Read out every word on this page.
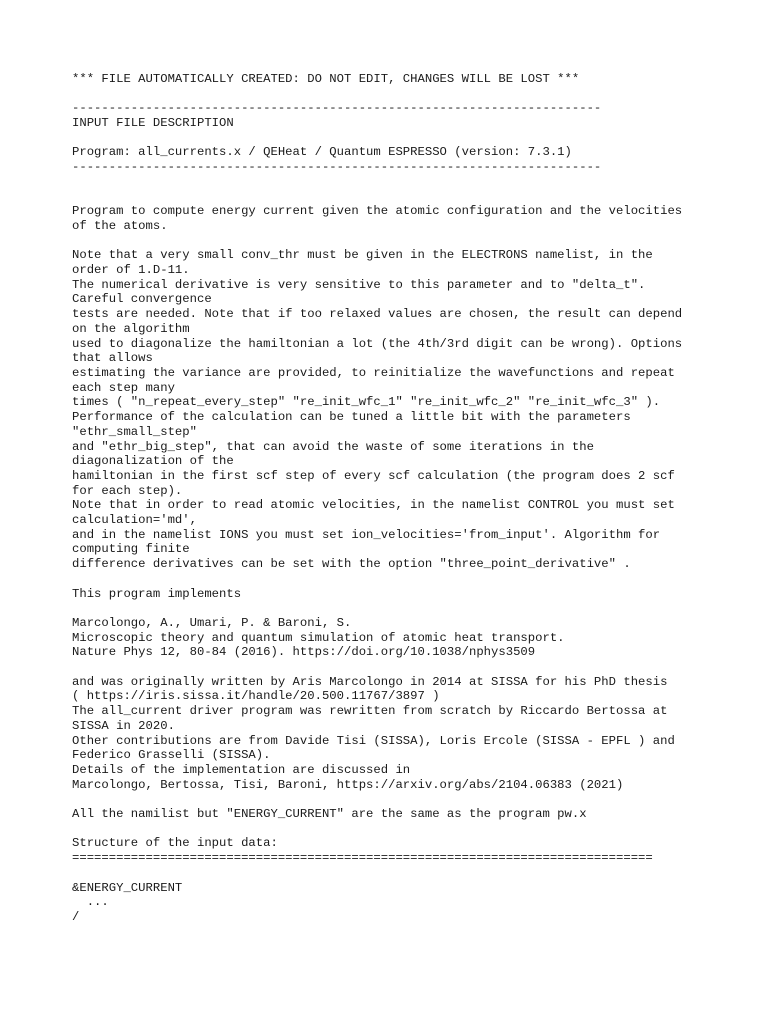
*** FILE AUTOMATICALLY CREATED: DO NOT EDIT, CHANGES WILL BE LOST ***
------------------------------------------------------------------------
INPUT FILE DESCRIPTION
Program: all_currents.x / QEHeat / Quantum ESPRESSO (version: 7.3.1)
------------------------------------------------------------------------
Program to compute energy current given the atomic configuration and the velocities
of the atoms.
Note that a very small conv_thr must be given in the ELECTRONS namelist, in the
order of 1.D-11.
The numerical derivative is very sensitive to this parameter and to "delta_t".
Careful convergence
tests are needed. Note that if too relaxed values are chosen, the result can depend
on the algorithm
used to diagonalize the hamiltonian a lot (the 4th/3rd digit can be wrong). Options
that allows
estimating the variance are provided, to reinitialize the wavefunctions and repeat
each step many
times ( "n_repeat_every_step" "re_init_wfc_1" "re_init_wfc_2" "re_init_wfc_3" ).
Performance of the calculation can be tuned a little bit with the parameters
"ethr_small_step"
and "ethr_big_step", that can avoid the waste of some iterations in the
diagonalization of the
hamiltonian in the first scf step of every scf calculation (the program does 2 scf
for each step).
Note that in order to read atomic velocities, in the namelist CONTROL you must set
calculation='md',
and in the namelist IONS you must set ion_velocities='from_input'. Algorithm for
computing finite
difference derivatives can be set with the option "three_point_derivative" .
This program implements
Marcolongo, A., Umari, P. & Baroni, S.
Microscopic theory and quantum simulation of atomic heat transport.
Nature Phys 12, 80-84 (2016). https://doi.org/10.1038/nphys3509
and was originally written by Aris Marcolongo in 2014 at SISSA for his PhD thesis
( https://iris.sissa.it/handle/20.500.11767/3897 )
The all_current driver program was rewritten from scratch by Riccardo Bertossa at
SISSA in 2020.
Other contributions are from Davide Tisi (SISSA), Loris Ercole (SISSA - EPFL ) and
Federico Grasselli (SISSA).
Details of the implementation are discussed in
Marcolongo, Bertossa, Tisi, Baroni, https://arxiv.org/abs/2104.06383 (2021)
All the namilist but "ENERGY_CURRENT" are the same as the program pw.x
Structure of the input data:
===============================================================================
&ENERGY_CURRENT
...
/
